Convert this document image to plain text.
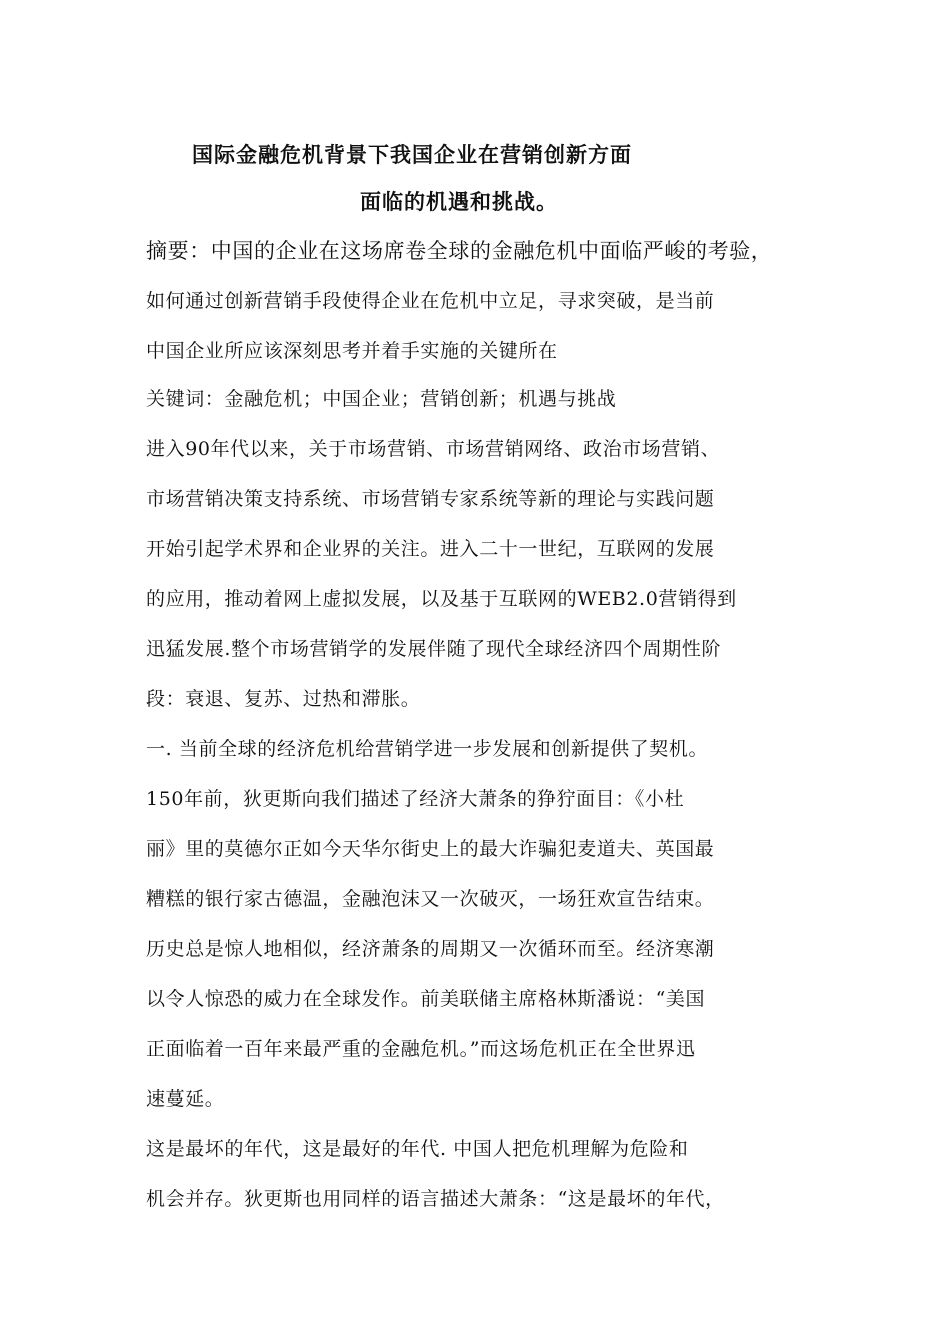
国际金融危机背景下我国企业在营销创新方面
面临的机遇和挑战。
摘要：中国的企业在这场席卷全球的金融危机中面临严峻的考验，
如何通过创新营销手段使得企业在危机中立足，寻求突破，是当前
中国企业所应该深刻思考并着手实施的关键所在
关键词：金融危机；中国企业；营销创新；机遇与挑战
进入90年代以来，关于市场营销、市场营销网络、政治市场营销、
市场营销决策支持系统、市场营销专家系统等新的理论与实践问题
开始引起学术界和企业界的关注。进入二十一世纪，互联网的发展
的应用，推动着网上虚拟发展，以及基于互联网的WEB2.0营销得到
迅猛发展.整个市场营销学的发展伴随了现代全球经济四个周期性阶
段：衰退、复苏、过热和滞胀。
一. 当前全球的经济危机给营销学进一步发展和创新提供了契机。
150年前，狄更斯向我们描述了经济大萧条的狰狞面目：《小杜
丽》里的莫德尔正如今天华尔街史上的最大诈骗犯麦道夫、英国最
糟糕的银行家古德温，金融泡沫又一次破灭，一场狂欢宣告结束。
历史总是惊人地相似，经济萧条的周期又一次循环而至。经济寒潮
以令人惊恐的威力在全球发作。前美联储主席格林斯潘说：“美国
正面临着一百年来最严重的金融危机。”而这场危机正在全世界迅
速蔓延。
这是最坏的年代，这是最好的年代. 中国人把危机理解为危险和
机会并存。狄更斯也用同样的语言描述大萧条：“这是最坏的年代，
